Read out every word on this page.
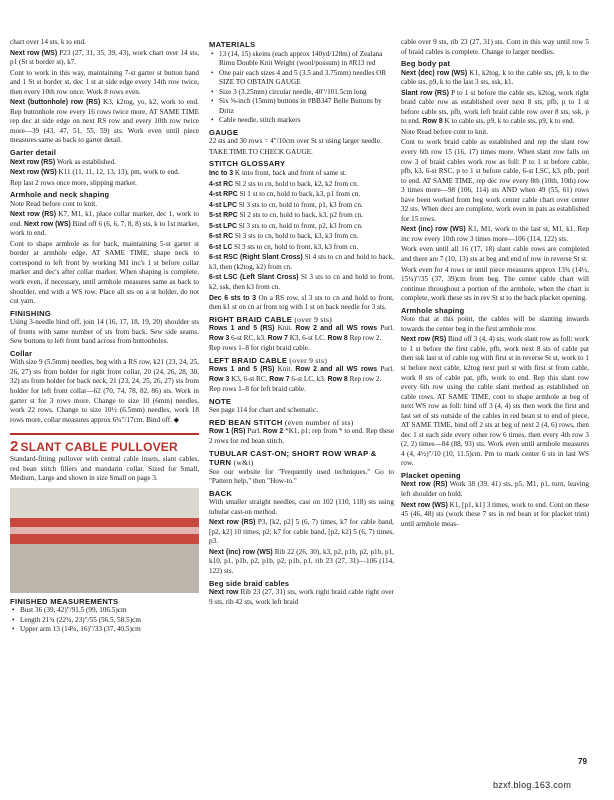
chart over 14 sts, k to end.

Next row (WS) P23 (27, 31, 35, 39, 43), work chart over 14 sts, p1 (St st border st), k7.

Cont to work in this way, maintaining 7-st garter st button band and 1 St st border st, dec 1 st at side edge every 14th row twice, then every 10th row once. Work 8 rows even.

Next (buttonhole) row (RS) K3, k2tog, yo, k2, work to end. Rep buttonhole row every 16 rows twice more, AT SAME TIME rep dec at side edge on next RS row and every 10th row twice more—39 (43, 47, 51, 55, 59) sts. Work even until piece measures same as back to garter detail.

Garter detail

Next row (RS) Work as established.

Next row (WS) K11 (11, 11, 12, 13, 13), pm, work to end.

Rep last 2 rows once more, slipping marker.

Armhole and neck shaping

Note Read before cont to knit.

Next row (RS) K7, M1, k1, place collar marker, dec 1, work to end. Next row (WS) Bind off 6 (6, 6, 7, 8, 8) sts, k to 1st marker, work to end.

Cont to shape armhole as for back, maintaining 5-st garter st border at armhole edge, AT SAME TIME, shape neck to correspond to left front by working M1 inc's 1 st before collar marker and dec's after collar marker. When shaping is complete, work even, if necessary, until armhole measures same as back to shoulder, end with a WS row. Place all sts on a st holder, do not cut yarn.

FINISHING

Using 3-needle bind off, join 14 (16, 17, 18, 19, 20) shoulder sts of fronts with same number of sts from back. Sew side seams. Sew buttons to left front band across from buttonholes.

Collar

With size 9 (5.5mm) needles, beg with a RS row, k21 (23, 24, 25, 26, 27) sts from holder for right front collar, 20 (24, 26, 28, 30, 32) sts from holder for back neck, 21 (23, 24, 25, 26, 27) sts from holder for left front collar—62 (70, 74, 78, 82, 86) sts. Work in garter st for 3 rows more. Change to size 10 (6mm) needles, work 22 rows. Change to size 10½ (6.5mm) needles, work 18 rows more, collar measures approx 6¾"/17cm. Bind off. ◆

2 SLANT CABLE PULLOVER

Standard-fitting pullover with central cable insets, slant cables, red bean stitch fillers and mandarin collar. Sized for Small, Medium, Large and shown in size Small on page 3.

FINISHED MEASUREMENTS
• Bust 36 (39, 42)"/91.5 (99, 106.5)cm
• Length 21¾ (22¾, 23)"/55 (56.5, 58.5)cm
• Upper arm 13 (14¾, 16)"/33 (37, 40.5)cm
MATERIALS
• 13 (14, 15) skeins (each approx 140yd/128m) of Zealana Rimu Double Knit Weight (wool/possum) in #R13 red
• One pair each sizes 4 and 5 (3.5 and 3.75mm) needles OR SIZE TO OBTAIN GAUGE
• Size 3 (3.25mm) circular needle, 40"/101.5cm long
• Six ⅝-inch (15mm) buttons in #BB347 Belle Buttons by Dritz
• Cable needle, stitch markers
GAUGE

22 sts and 30 rows = 4"/10cm over St st using larger needle.

TAKE TIME TO CHECK GAUGE.

STITCH GLOSSARY

Inc to 3 K into front, back and front of same st.

4-st RC Sl 2 sts to cn, hold to back, k2, k2 from cn.

4-st RPC Sl 1 st to cn, hold to back, k3, p1 from cn.

4-st LPC Sl 3 sts to cn, hold to front, p1, k3 from cn.

5-st RPC Sl 2 sts to cn, hold to back, k3, p2 from cn.

5-st LPC Sl 3 sts to cn, hold to front, p2, k3 from cn.

6-st RC Sl 3 sts to cn, hold to back, k3, k3 from cn.

6-st LC Sl 3 sts to cn, hold to front, k3, k3 from cn.

6-st RSC (Right Slant Cross) Sl 4 sts to cn and hold to back, k3, then (k2tog, k2) from cn.

6-st LSC (Left Slant Cross) Sl 3 sts to cn and hold to front, k2, ssk, then k3 from cn.

Dec 6 sts to 3 On a RS row, sl 3 sts to cn and hold to front, then k1 st on cn at front tog with 1 st on back needle for 3 sts.

RIGHT BRAID CABLE (over 9 sts)

Rows 1 and 5 (RS) Knit. Row 2 and all WS rows Purl. Row 3 6-st RC, k3. Row 7 K3, 6-st LC. Row 8 Rep row 2.

Rep rows 1–8 for right braid cable.

LEFT BRAID CABLE (over 9 sts)

Rows 1 and 5 (RS) Knit. Row 2 and all WS rows Purl. Row 3 K3, 6-st RC. Row 7 6-st LC, k3. Row 8 Rep row 2.

Rep rows 1–8 for left braid cable.

NOTE

See page 114 for chart and schematic.

RED BEAN STITCH (even number of sts)

Row 1 (RS) Purl. Row 2 *K1, p1; rep from * to end. Rep these 2 rows for red bean stitch.

TUBULAR CAST-ON; SHORT ROW WRAP & TURN (w&t)

See our website for "Frequently used techniques." Go to "Pattern help," then "How-to."

BACK

With smaller straight needles, cast on 102 (110, 118) sts using tubular cast-on method.

Next row (RS) P3, [k2, p2] 5 (6, 7) times, k7 for cable band, [p2, k2] 10 times, p2; k7 for cable band, [p2, k2] 5 (6, 7) times, p3.

Next (inc) row (WS) Rib 22 (26, 30), k3, p2, p1b, p2, p1b, p1, k10, p1, p1b, p2, p1b, p2, p1b, p1, rib 23 (27, 31)—106 (114, 122) sts.

Beg side braid cables

Next row Rib 23 (27, 31) sts, work right braid cable right over 9 sts, rib 42 sts, work left braid

cable over 9 sts, rib 23 (27, 31) sts. Cont in this way until row 5 of braid cables is complete. Change to larger needles.

Beg body pat

Next (dec) row (WS) K1, k2tog, k to the cable sts, p9, k to the cable sts, p9, k to the last 3 sts, ssk, k1.

Slant row (RS) P to 1 st before the cable sts, k2tog, work right braid cable row as established over next 8 sts, pfb, p to 1 st before cable sts, pfb, work left braid cable row over 8 sts, ssk, p to end. Row 8 K to cable sts, p9, k to cable sts, p9, k to end.

Note Read before cont to knit.

Cont to work braid cable as established and rep the slant row every 6th row 15 (16, 17) times more. When slant row falls on row 3 of braid cables work row as foll: P to 1 st before cable, pfb, k3, 6-st RSC, p to 1 st before cable, 6-st LSC, k3, pfb, purl to end. AT SAME TIME, rep dec row every 8th (10th, 10th) row 3 times more—98 (106, 114) sts AND when 49 (55, 61) rows have been worked from beg work center cable chart over center 32 sts. When decs are complete, work even in pats as established for 15 rows.

Next (inc) row (WS) K1, M1, work to the last st, M1, k1. Rep inc row every 10th row 3 times more—106 (114, 122) sts.

Work even until all 16 (17, 18) slant cable rows are completed and there are 7 (10, 13) sts at beg and end of row in reverse St st.

Work even for 4 rows or until piece measures approx 13¾ (14½, 15¼)"/35 (37, 39)cm from beg. The center cable chart will continue throughout a portion of the armhole, when the chart is complete, work these sts in rev St st to the back placket opening.

Armhole shaping

Note that at this point, the cables will be slanting inwards towards the center beg in the first armhole row.

Next row (RS) Bind off 3 (4, 4) sts, work slant row as foll: work to 1 st before the first cable, pfb, work next 8 sts of cable pat then ssk last st of cable tog with first st in reverse St st, work to 1 st before next cable, k2tog next purl st with first st from cable, work 8 sts of cable pat, pfb, work to end. Rep this slant row every 6th row using the cable slant method as established on cable rows. AT SAME TIME, cont to shape armhole at beg of next WS row as foll: bind off 3 (4, 4) sts then work the first and last set of sts outside of the cables in red bean st to end of piece, AT SAME TIME, bind off 2 sts at beg of next 2 (4, 6) rows, then dec 1 st each side every other row 6 times, then every 4th row 3 (2, 2) times—84 (88, 93) sts. Work even until armhole measures 4 (4, 4½)"/10 (10, 11.5)cm. Pm to mark center 6 sts in last WS row.

Placket opening

Next row (RS) Work 38 (39, 41) sts, p5, M1, p1, turn, leaving left shoulder on hold.

Next row (WS) K1, [p1, k1] 3 times, work to end. Cont on these 45 (46, 48) sts (work these 7 sts in red bean st for placket trim) until armhole meas-

79
bzxf.blog.163.com
